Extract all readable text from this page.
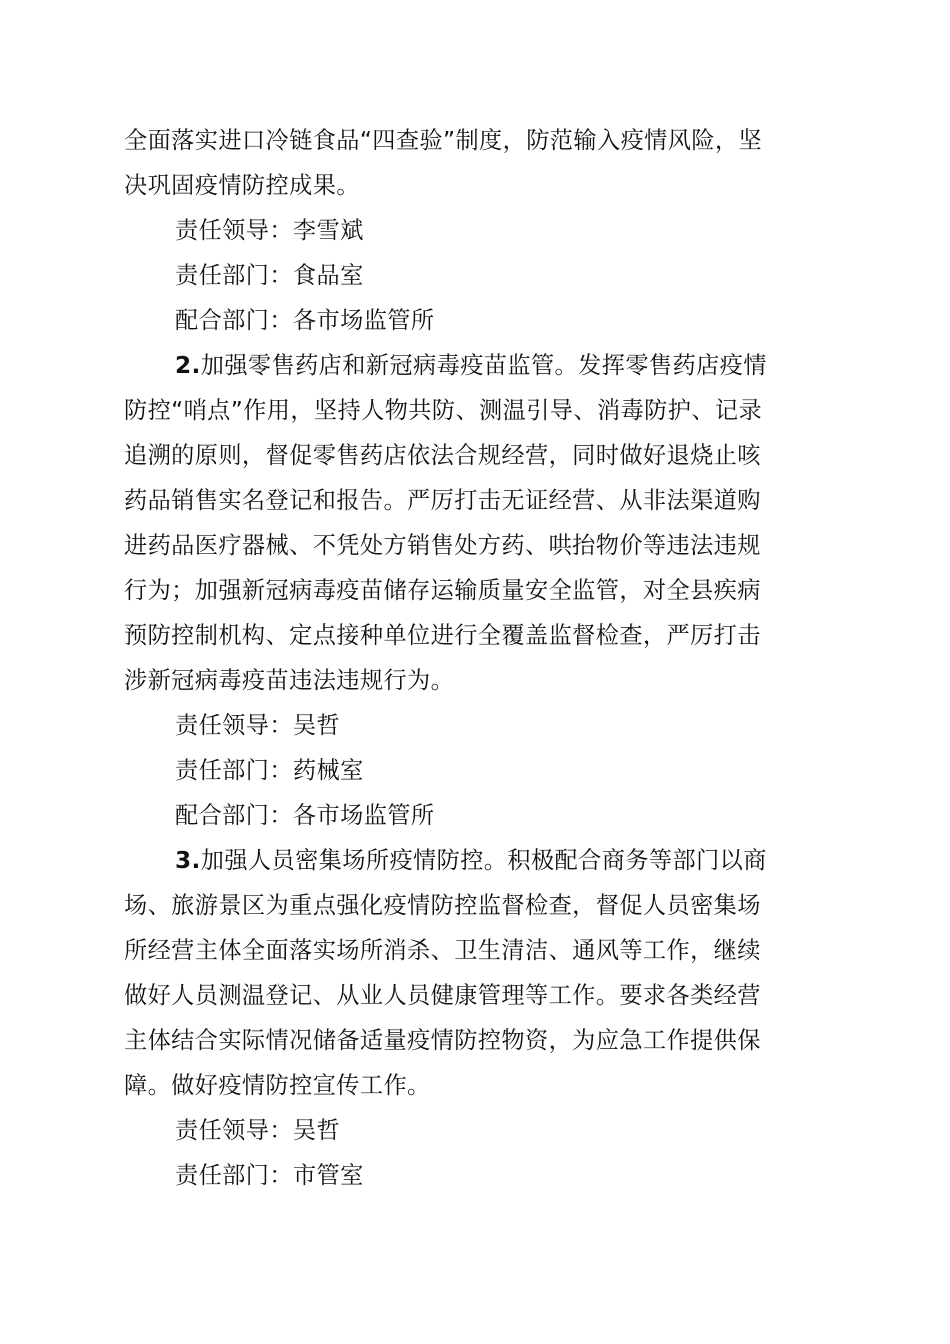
全面落实进口冷链食品“四查验”制度，防范输入疫情风险，坚
决巩固疫情防控成果。
责任领导：李雪斌
责任部门：食品室
配合部门：各市场监管所
2.加强零售药店和新冠病毒疫苗监管。发挥零售药店疫情
防控“哨点”作用，坚持人物共防、测温引导、消毒防护、记录
追溯的原则，督促零售药店依法合规经营，同时做好退烧止咳
药品销售实名登记和报告。严厉打击无证经营、从非法渠道购
进药品医疗器械、不凭处方销售处方药、哄抬物价等违法违规
行为；加强新冠病毒疫苗储存运输质量安全监管，对全县疾病
预防控制机构、定点接种单位进行全覆盖监督检查，严厉打击
涉新冠病毒疫苗违法违规行为。
责任领导：吴哲
责任部门：药械室
配合部门：各市场监管所
3.加强人员密集场所疫情防控。积极配合商务等部门以商
场、旅游景区为重点强化疫情防控监督检查，督促人员密集场
所经营主体全面落实场所消杀、卫生清洁、通风等工作，继续
做好人员测温登记、从业人员健康管理等工作。要求各类经营
主体结合实际情况储备适量疫情防控物资，为应急工作提供保
障。做好疫情防控宣传工作。
责任领导：吴哲
责任部门：市管室
